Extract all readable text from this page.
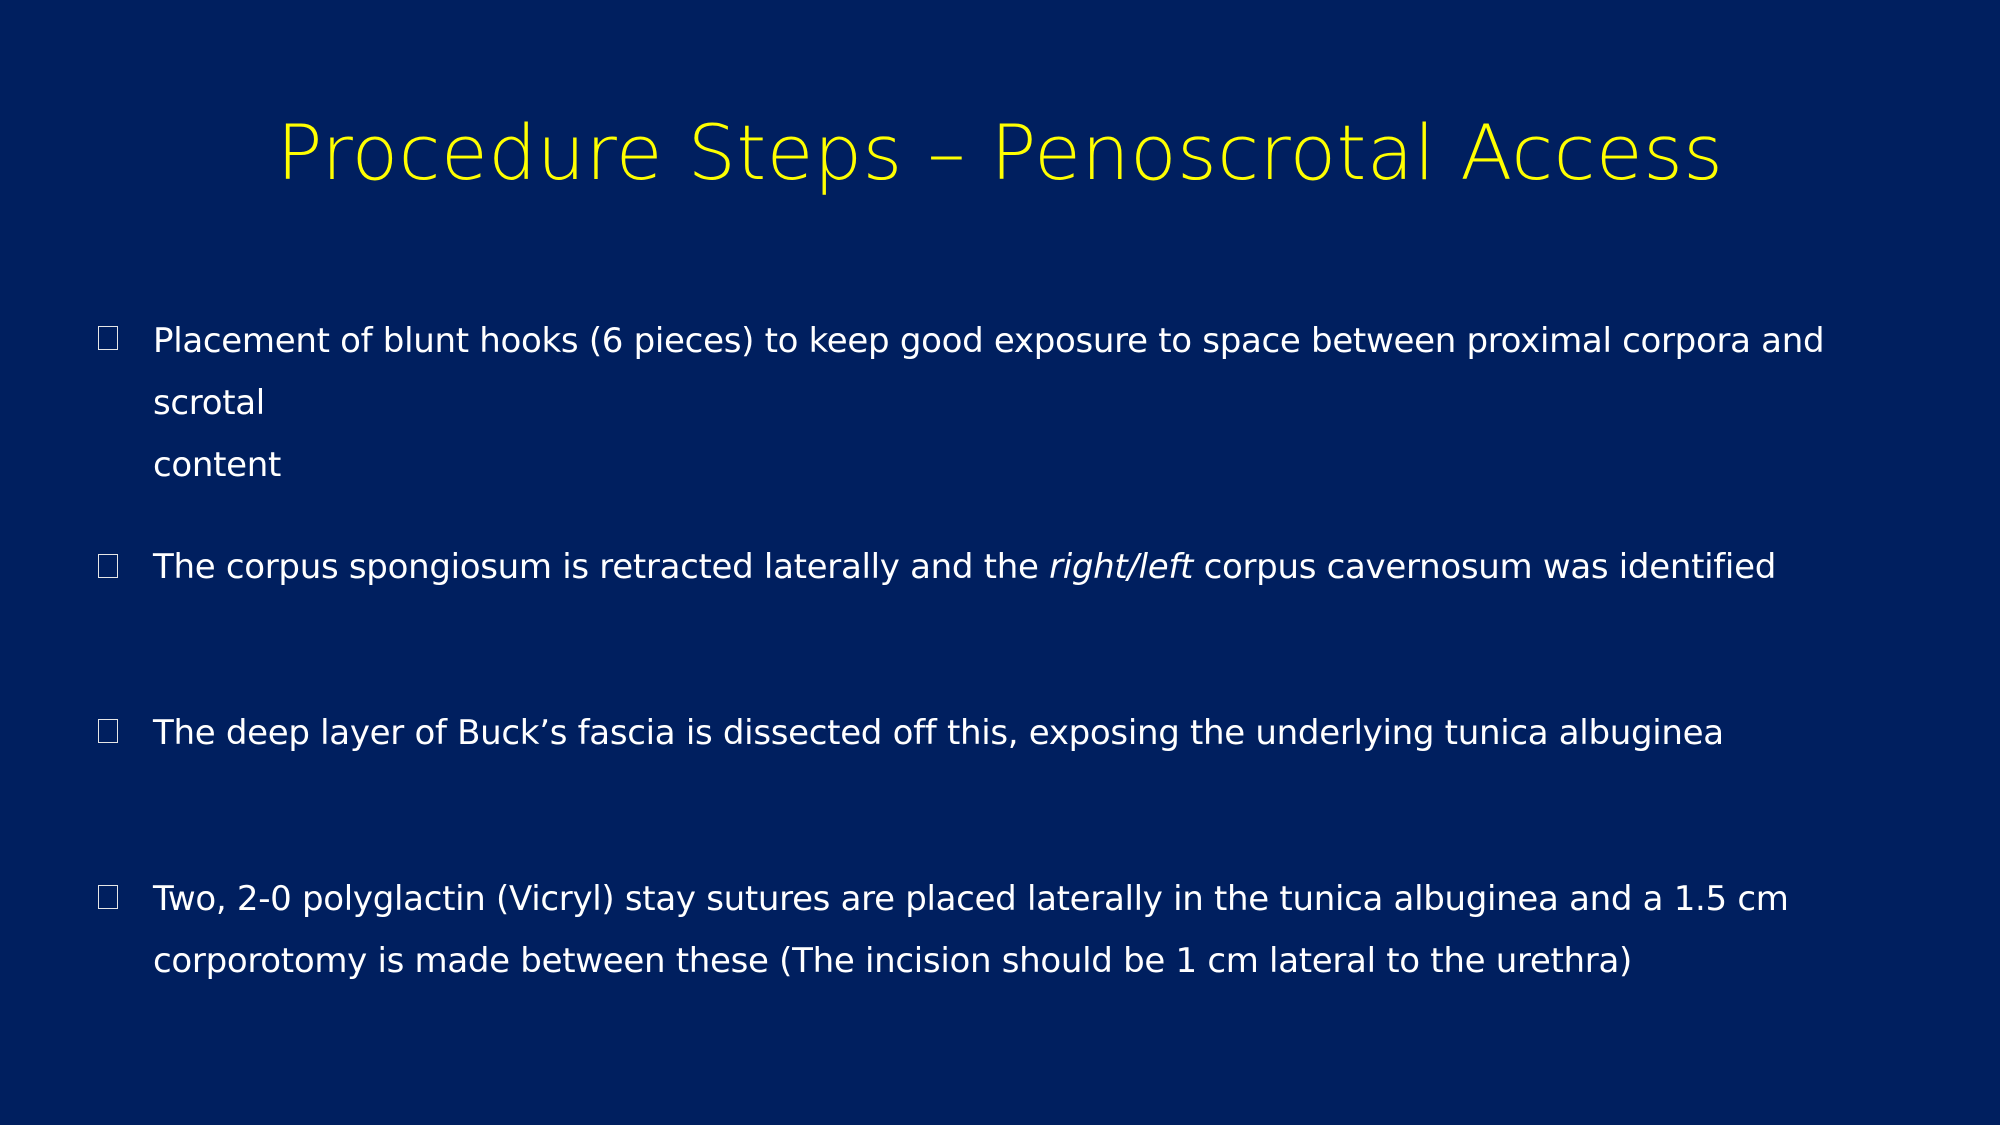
Procedure Steps – Penoscrotal Access
Placement of blunt hooks (6 pieces) to keep good exposure to space between proximal corpora and scrotal
content
The corpus spongiosum is retracted laterally and the right/left corpus cavernosum was identified
The deep layer of Buck’s fascia is dissected off this, exposing the underlying tunica albuginea
Two, 2-0 polyglactin (Vicryl) stay sutures are placed laterally in the tunica albuginea and a 1.5 cm
corporotomy is made between these (The incision should be 1 cm lateral to the urethra)
